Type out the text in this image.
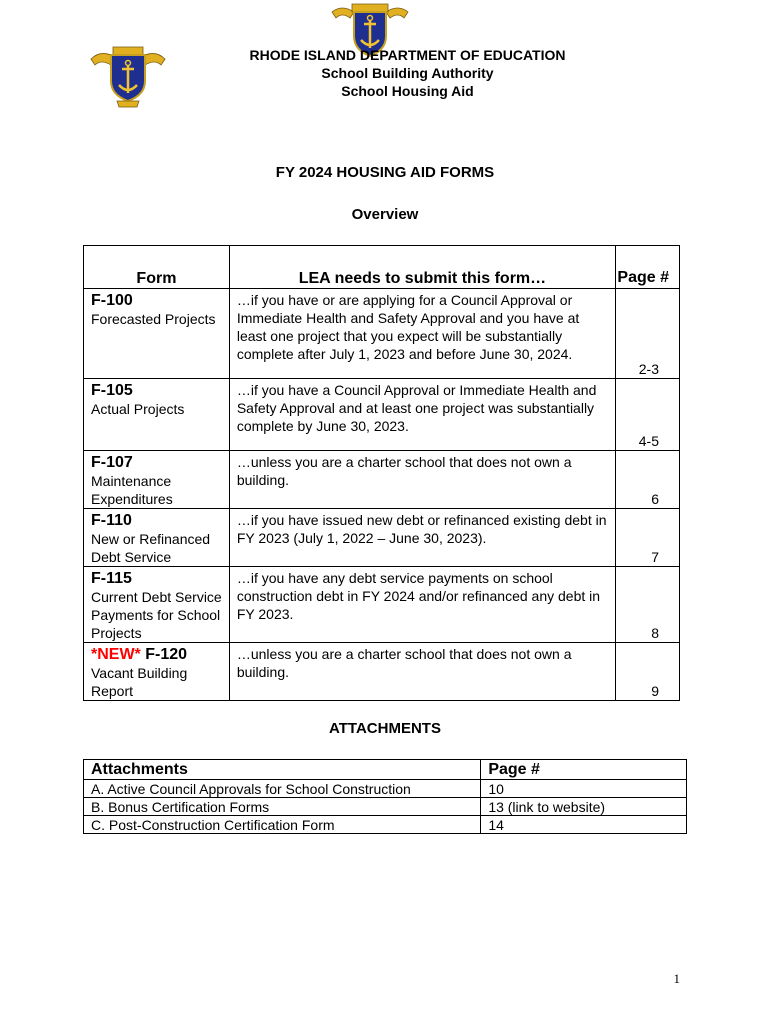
RHODE ISLAND DEPARTMENT OF EDUCATION
School Building Authority
School Housing Aid
FY 2024 HOUSING AID FORMS
Overview
Form	LEA needs to submit this form…	Page #

F-100
Forecasted Projects	…if you have or are applying for a Council Approval or Immediate Health and Safety Approval and you have at least one project that you expect will be substantially complete after July 1, 2023 and before June 30, 2024.	2-3

F-105
Actual Projects	…if you have a Council Approval or Immediate Health and Safety Approval and at least one project was substantially complete by June 30, 2023.	4-5

F-107
Maintenance Expenditures	…unless you are a charter school that does not own a building.	6

F-110
New or Refinanced Debt Service	…if you have issued new debt or refinanced existing debt in FY 2023 (July 1, 2022 – June 30, 2023).	7

F-115
Current Debt Service Payments for School Projects	…if you have any debt service payments on school construction debt in FY 2024 and/or refinanced any debt in FY 2023.	8

*NEW* F-120
Vacant Building Report	…unless you are a charter school that does not own a building.	9
ATTACHMENTS
Attachments	Page #
A. Active Council Approvals for School Construction	10
B. Bonus Certification Forms	13 (link to website)
C. Post-Construction Certification Form	14
1
